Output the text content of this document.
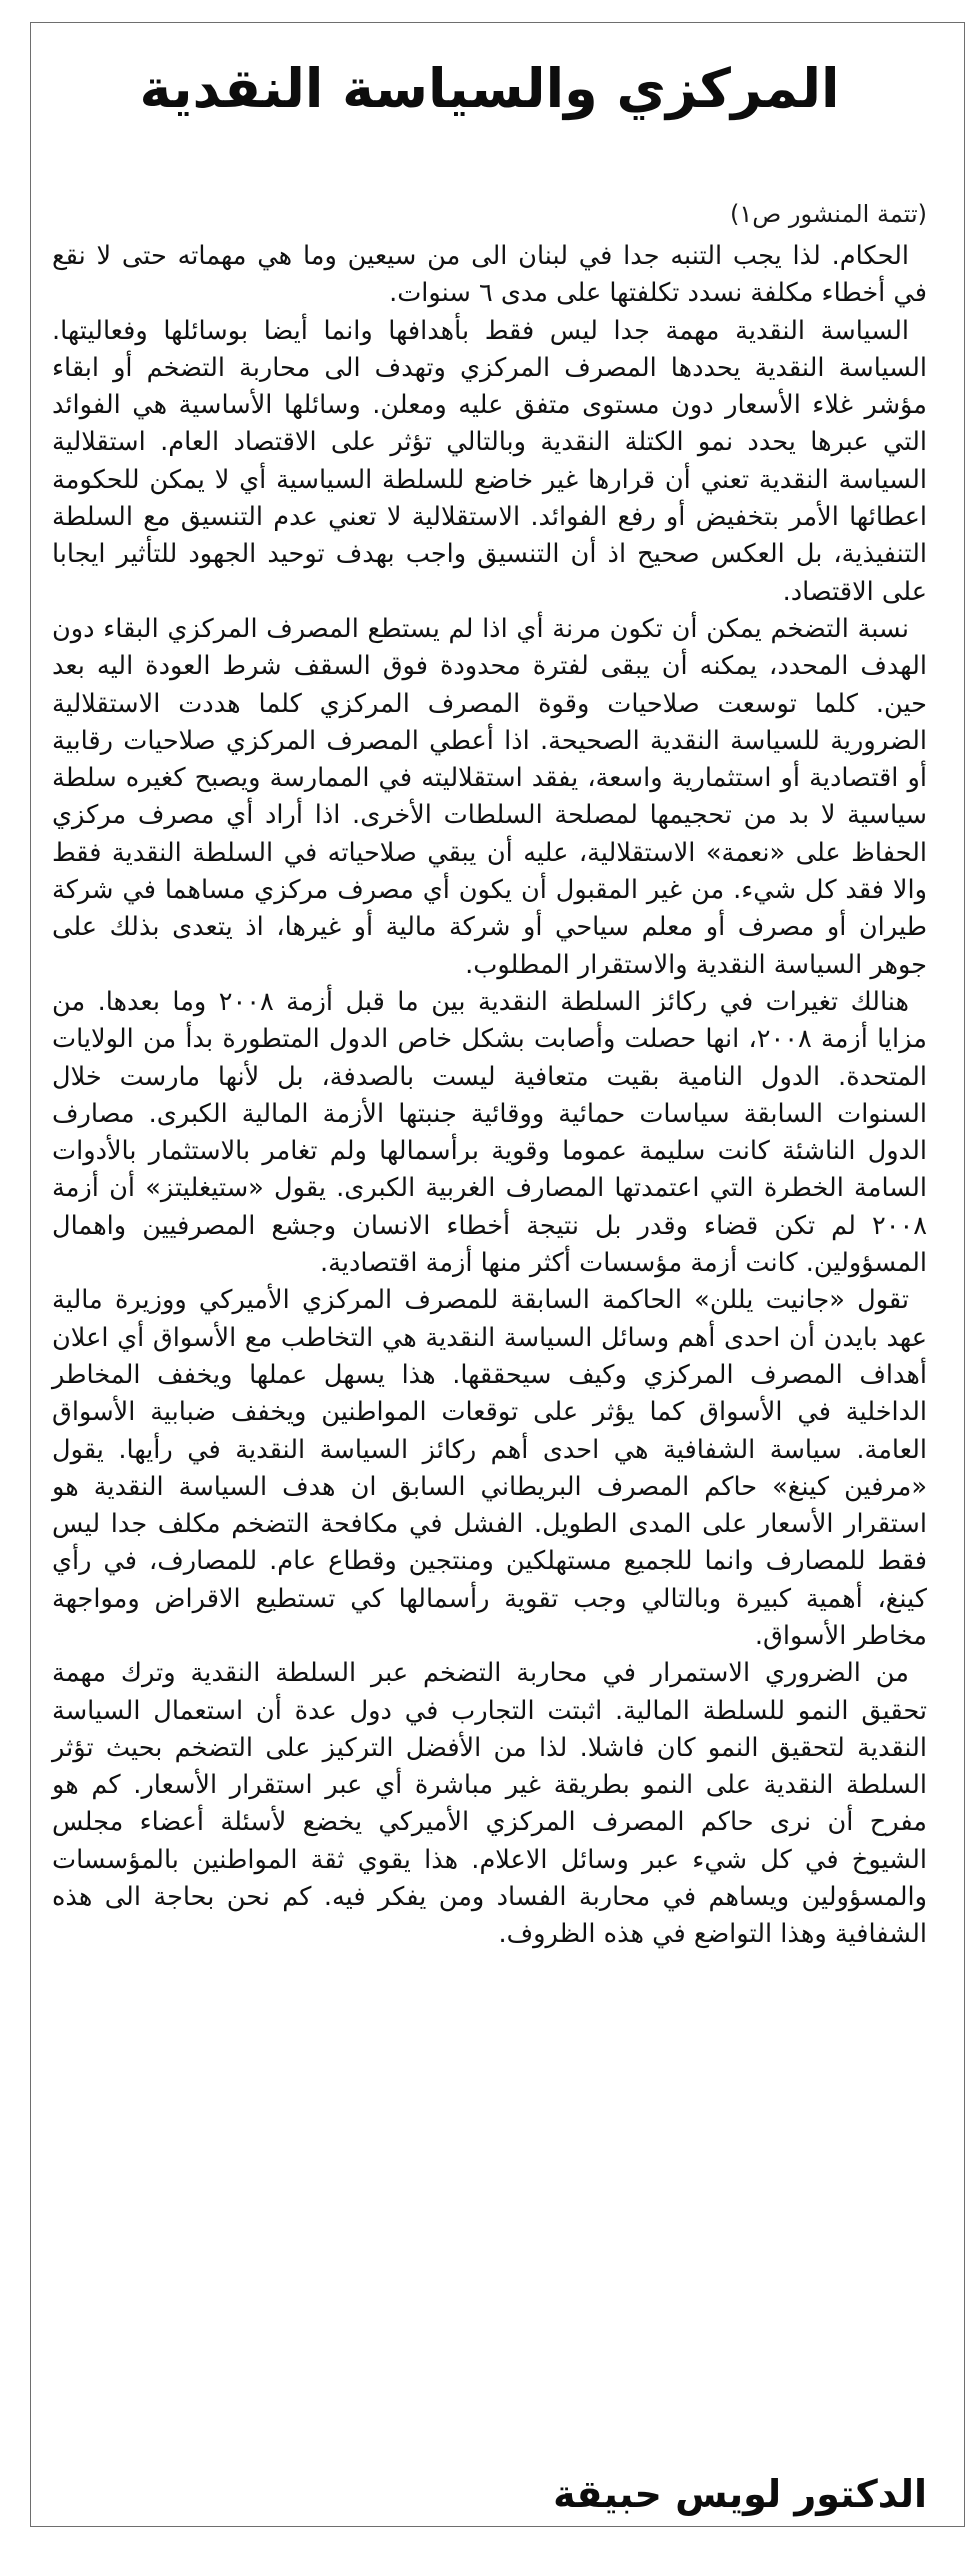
المركزي والسياسة النقدية
(تتمة المنشور ص١)

الحكام. لذا يجب التنبه جدا في لبنان الى من سيعين وما هي مهماته حتى لا نقع في أخطاء مكلفة نسدد تكلفتها على مدى ٦ سنوات.

السياسة النقدية مهمة جدا ليس فقط بأهدافها وانما أيضا بوسائلها وفعاليتها. السياسة النقدية يحددها المصرف المركزي وتهدف الى محاربة التضخم أو ابقاء مؤشر غلاء الأسعار دون مستوى متفق عليه ومعلن. وسائلها الأساسية هي الفوائد التي عبرها يحدد نمو الكتلة النقدية وبالتالي تؤثر على الاقتصاد العام. استقلالية السياسة النقدية تعني أن قرارها غير خاضع للسلطة السياسية أي لا يمكن للحكومة اعطائها الأمر بتخفيض أو رفع الفوائد. الاستقلالية لا تعني عدم التنسيق مع السلطة التنفيذية، بل العكس صحيح اذ أن التنسيق واجب بهدف توحيد الجهود للتأثير ايجابا على الاقتصاد.

نسبة التضخم يمكن أن تكون مرنة أي اذا لم يستطع المصرف المركزي البقاء دون الهدف المحدد، يمكنه أن يبقى لفترة محدودة فوق السقف شرط العودة اليه بعد حين. كلما توسعت صلاحيات وقوة المصرف المركزي كلما هددت الاستقلالية الضرورية للسياسة النقدية الصحيحة. اذا أعطي المصرف المركزي صلاحيات رقابية أو اقتصادية أو استثمارية واسعة، يفقد استقلاليته في الممارسة ويصبح كغيره سلطة سياسية لا بد من تحجيمها لمصلحة السلطات الأخرى. اذا أراد أي مصرف مركزي الحفاظ على «نعمة» الاستقلالية، عليه أن يبقي صلاحياته في السلطة النقدية فقط والا فقد كل شيء. من غير المقبول أن يكون أي مصرف مركزي مساهما في شركة طيران أو مصرف أو معلم سياحي أو شركة مالية أو غيرها، اذ يتعدى بذلك على جوهر السياسة النقدية والاستقرار المطلوب.

هنالك تغيرات في ركائز السلطة النقدية بين ما قبل أزمة ٢٠٠٨ وما بعدها. من مزايا أزمة ٢٠٠٨، انها حصلت وأصابت بشكل خاص الدول المتطورة بدأ من الولايات المتحدة. الدول النامية بقيت متعافية ليست بالصدفة، بل لأنها مارست خلال السنوات السابقة سياسات حمائية ووقائية جنبتها الأزمة المالية الكبرى. مصارف الدول الناشئة كانت سليمة عموما وقوية برأسمالها ولم تغامر بالاستثمار بالأدوات السامة الخطرة التي اعتمدتها المصارف الغربية الكبرى. يقول «ستيغليتز» أن أزمة ٢٠٠٨ لم تكن قضاء وقدر بل نتيجة أخطاء الانسان وجشع المصرفيين واهمال المسؤولين. كانت أزمة مؤسسات أكثر منها أزمة اقتصادية.

تقول «جانيت يللن» الحاكمة السابقة للمصرف المركزي الأميركي ووزيرة مالية عهد بايدن أن احدى أهم وسائل السياسة النقدية هي التخاطب مع الأسواق أي اعلان أهداف المصرف المركزي وكيف سيحققها. هذا يسهل عملها ويخفف المخاطر الداخلية في الأسواق كما يؤثر على توقعات المواطنين ويخفف ضبابية الأسواق العامة. سياسة الشفافية هي احدى أهم ركائز السياسة النقدية في رأيها. يقول «مرفين كينغ» حاكم المصرف البريطاني السابق ان هدف السياسة النقدية هو استقرار الأسعار على المدى الطويل. الفشل في مكافحة التضخم مكلف جدا ليس فقط للمصارف وانما للجميع مستهلكين ومنتجين وقطاع عام. للمصارف، في رأي كينغ، أهمية كبيرة وبالتالي وجب تقوية رأسمالها كي تستطيع الاقراض ومواجهة مخاطر الأسواق.

من الضروري الاستمرار في محاربة التضخم عبر السلطة النقدية وترك مهمة تحقيق النمو للسلطة المالية. اثبتت التجارب في دول عدة أن استعمال السياسة النقدية لتحقيق النمو كان فاشلا. لذا من الأفضل التركيز على التضخم بحيث تؤثر السلطة النقدية على النمو بطريقة غير مباشرة أي عبر استقرار الأسعار. كم هو مفرح أن نرى حاكم المصرف المركزي الأميركي يخضع لأسئلة أعضاء مجلس الشيوخ في كل شيء عبر وسائل الاعلام. هذا يقوي ثقة المواطنين بالمؤسسات والمسؤولين ويساهم في محاربة الفساد ومن يفكر فيه. كم نحن بحاجة الى هذه الشفافية وهذا التواضع في هذه الظروف.

الدكتور لويس حبيقة
